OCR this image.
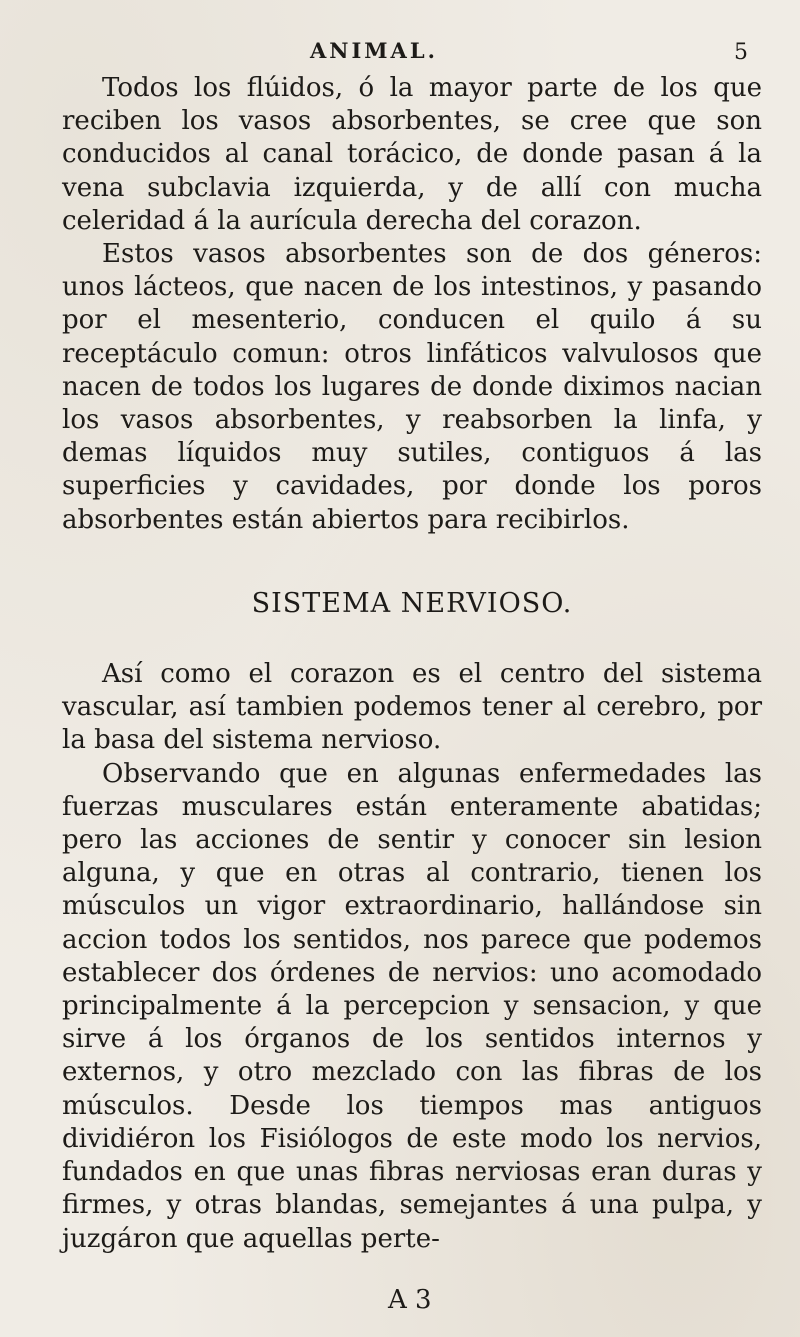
ANIMAL.	5

Todos los flúidos, ó la mayor parte de los que reciben los vasos absorbentes, se cree que son conducidos al canal torácico, de donde pasan á la vena subclavia izquierda, y de allí con mucha celeridad á la aurícula derecha del corazon.

Estos vasos absorbentes son de dos géneros: unos lácteos, que nacen de los intestinos, y pasando por el mesenterio, conducen el quilo á su receptáculo comun: otros linfáticos valvulosos que nacen de todos los lugares de donde diximos nacian los vasos absorbentes, y reabsorben la linfa, y demas líquidos muy sutiles, contiguos á las superficies y cavidades, por donde los poros absorbentes están abiertos para recibirlos.

SISTEMA NERVIOSO.

Así como el corazon es el centro del sistema vascular, así tambien podemos tener al cerebro, por la basa del sistema nervioso.

Observando que en algunas enfermedades las fuerzas musculares están enteramente abatidas; pero las acciones de sentir y conocer sin lesion alguna, y que en otras al contrario, tienen los músculos un vigor extraordinario, hallándose sin accion todos los sentidos, nos parece que podemos establecer dos órdenes de nervios: uno acomodado principalmente á la percepcion y sensacion, y que sirve á los órganos de los sentidos internos y externos, y otro mezclado con las fibras de los músculos. Desde los tiempos mas antiguos dividiéron los Fisiólogos de este modo los nervios, fundados en que unas fibras nerviosas eran duras y firmes, y otras blandas, semejantes á una pulpa, y juzgáron que aquellas perte-

A 3
